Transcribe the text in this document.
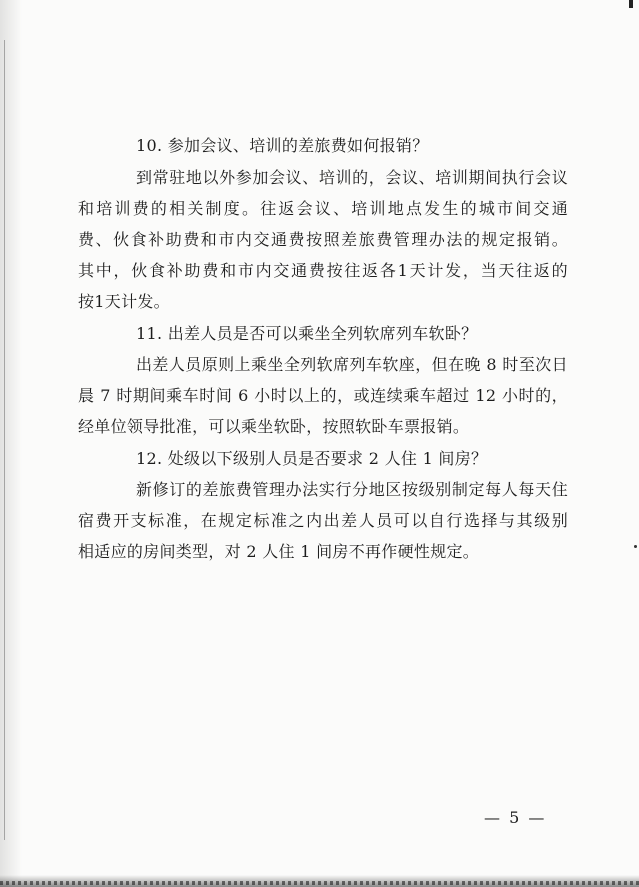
10. 参加会议、培训的差旅费如何报销？
到常驻地以外参加会议、培训的，会议、培训期间执行会议
和培训费的相关制度。往返会议、培训地点发生的城市间交通
费、伙食补助费和市内交通费按照差旅费管理办法的规定报销。
其中，伙食补助费和市内交通费按往返各1天计发，当天往返的
按1天计发。
11. 出差人员是否可以乘坐全列软席列车软卧？
出差人员原则上乘坐全列软席列车软座，但在晚 8 时至次日
晨 7 时期间乘车时间 6 小时以上的，或连续乘车超过 12 小时的，
经单位领导批准，可以乘坐软卧，按照软卧车票报销。
12. 处级以下级别人员是否要求 2 人住 1 间房？
新修订的差旅费管理办法实行分地区按级别制定每人每天住
宿费开支标准，在规定标准之内出差人员可以自行选择与其级别
相适应的房间类型，对 2 人住 1 间房不再作硬性规定。
— 5 —
